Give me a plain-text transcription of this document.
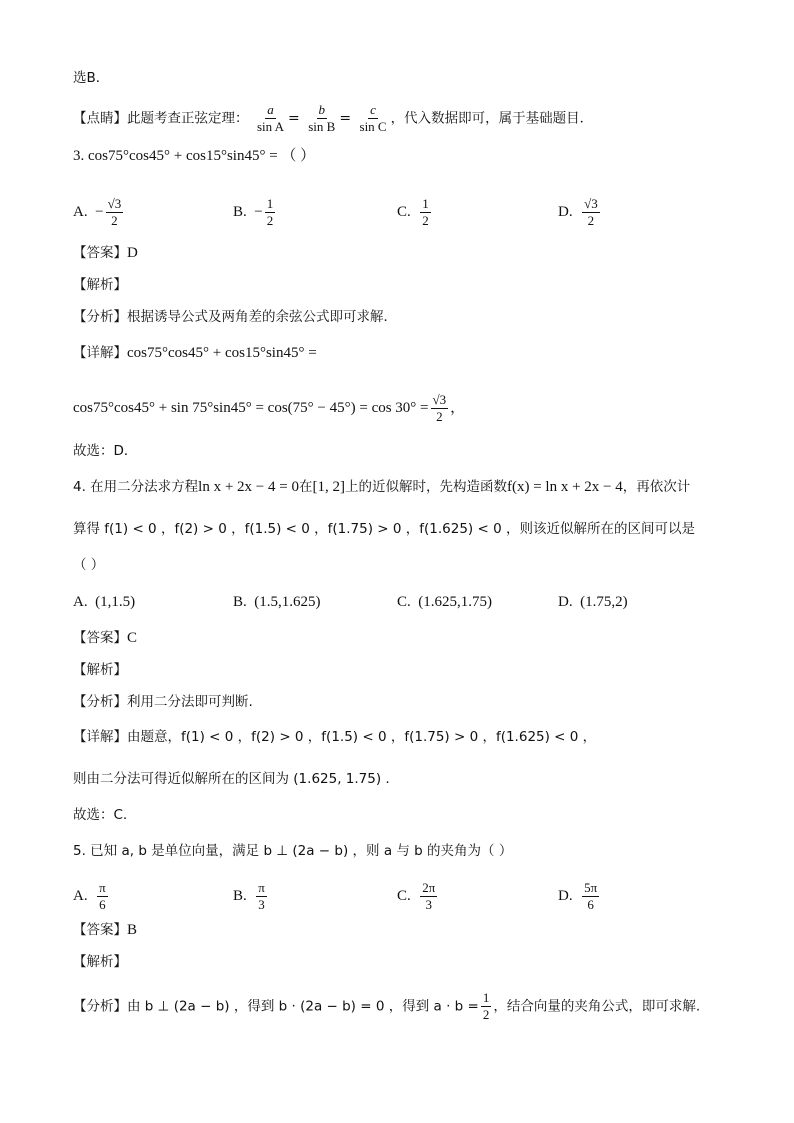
选B．
【点睛】此题考查正弦定理： $\frac{a}{\text{sin A}} = \frac{b}{\text{sin B}} = \frac{c}{\text{sin C}}$ ，代入数据即可，属于基础题目．
3. cos75°cos45° + cos15°sin45° = （ ）
A. − $\frac{√3}{2}$	B. − $\frac{1}{2}$	C. $\frac{1}{2}$	D. $\frac{√3}{2}$
【答案】D
【解析】
【分析】根据诱导公式及两角差的余弦公式即可求解．
【详解】cos75°cos45° + cos15°sin45° =
$\cos 75^\circ\cos 45^\circ + \sin 75^\circ\sin 45^\circ = \cos(75^\circ - 45^\circ) = \cos 30^\circ = \frac{√3}{2}$ ，
故选：D．
4. 在用二分法求方程ln x + 2x − 4 = 0在[1, 2]上的近似解时，先构造函数f(x) = ln x + 2x − 4，再依次计
算得 f(1) < 0 ，f(2) > 0 ，f(1.5) < 0 ，f(1.75) > 0 ，f(1.625) < 0 ，则该近似解所在的区间可以是
（ ）
A. (1,1.5)	B. (1.5,1.625)	C. (1.625,1.75)	D. (1.75,2)
【答案】C
【解析】
【分析】利用二分法即可判断.
【详解】由题意，f(1) < 0 ，f(2) > 0 ，f(1.5) < 0 ，f(1.75) > 0 ，f(1.625) < 0 ，
则由二分法可得近似解所在的区间为 (1.625, 1.75) .
故选：C.
5. 已知 a, b 是单位向量，满足 b ⊥ (2a − b) ，则 a 与 b 的夹角为（ ）
A. $\frac{\pi}{6}$	B. $\frac{\pi}{3}$	C. $\frac{2\pi}{3}$	D. $\frac{5\pi}{6}$
【答案】B
【解析】
【分析】由 b ⊥ (2a − b) ，得到 b · (2a − b) = 0 ，得到 $a \cdot b = \frac{1}{2}$ ，结合向量的夹角公式，即可求解.
